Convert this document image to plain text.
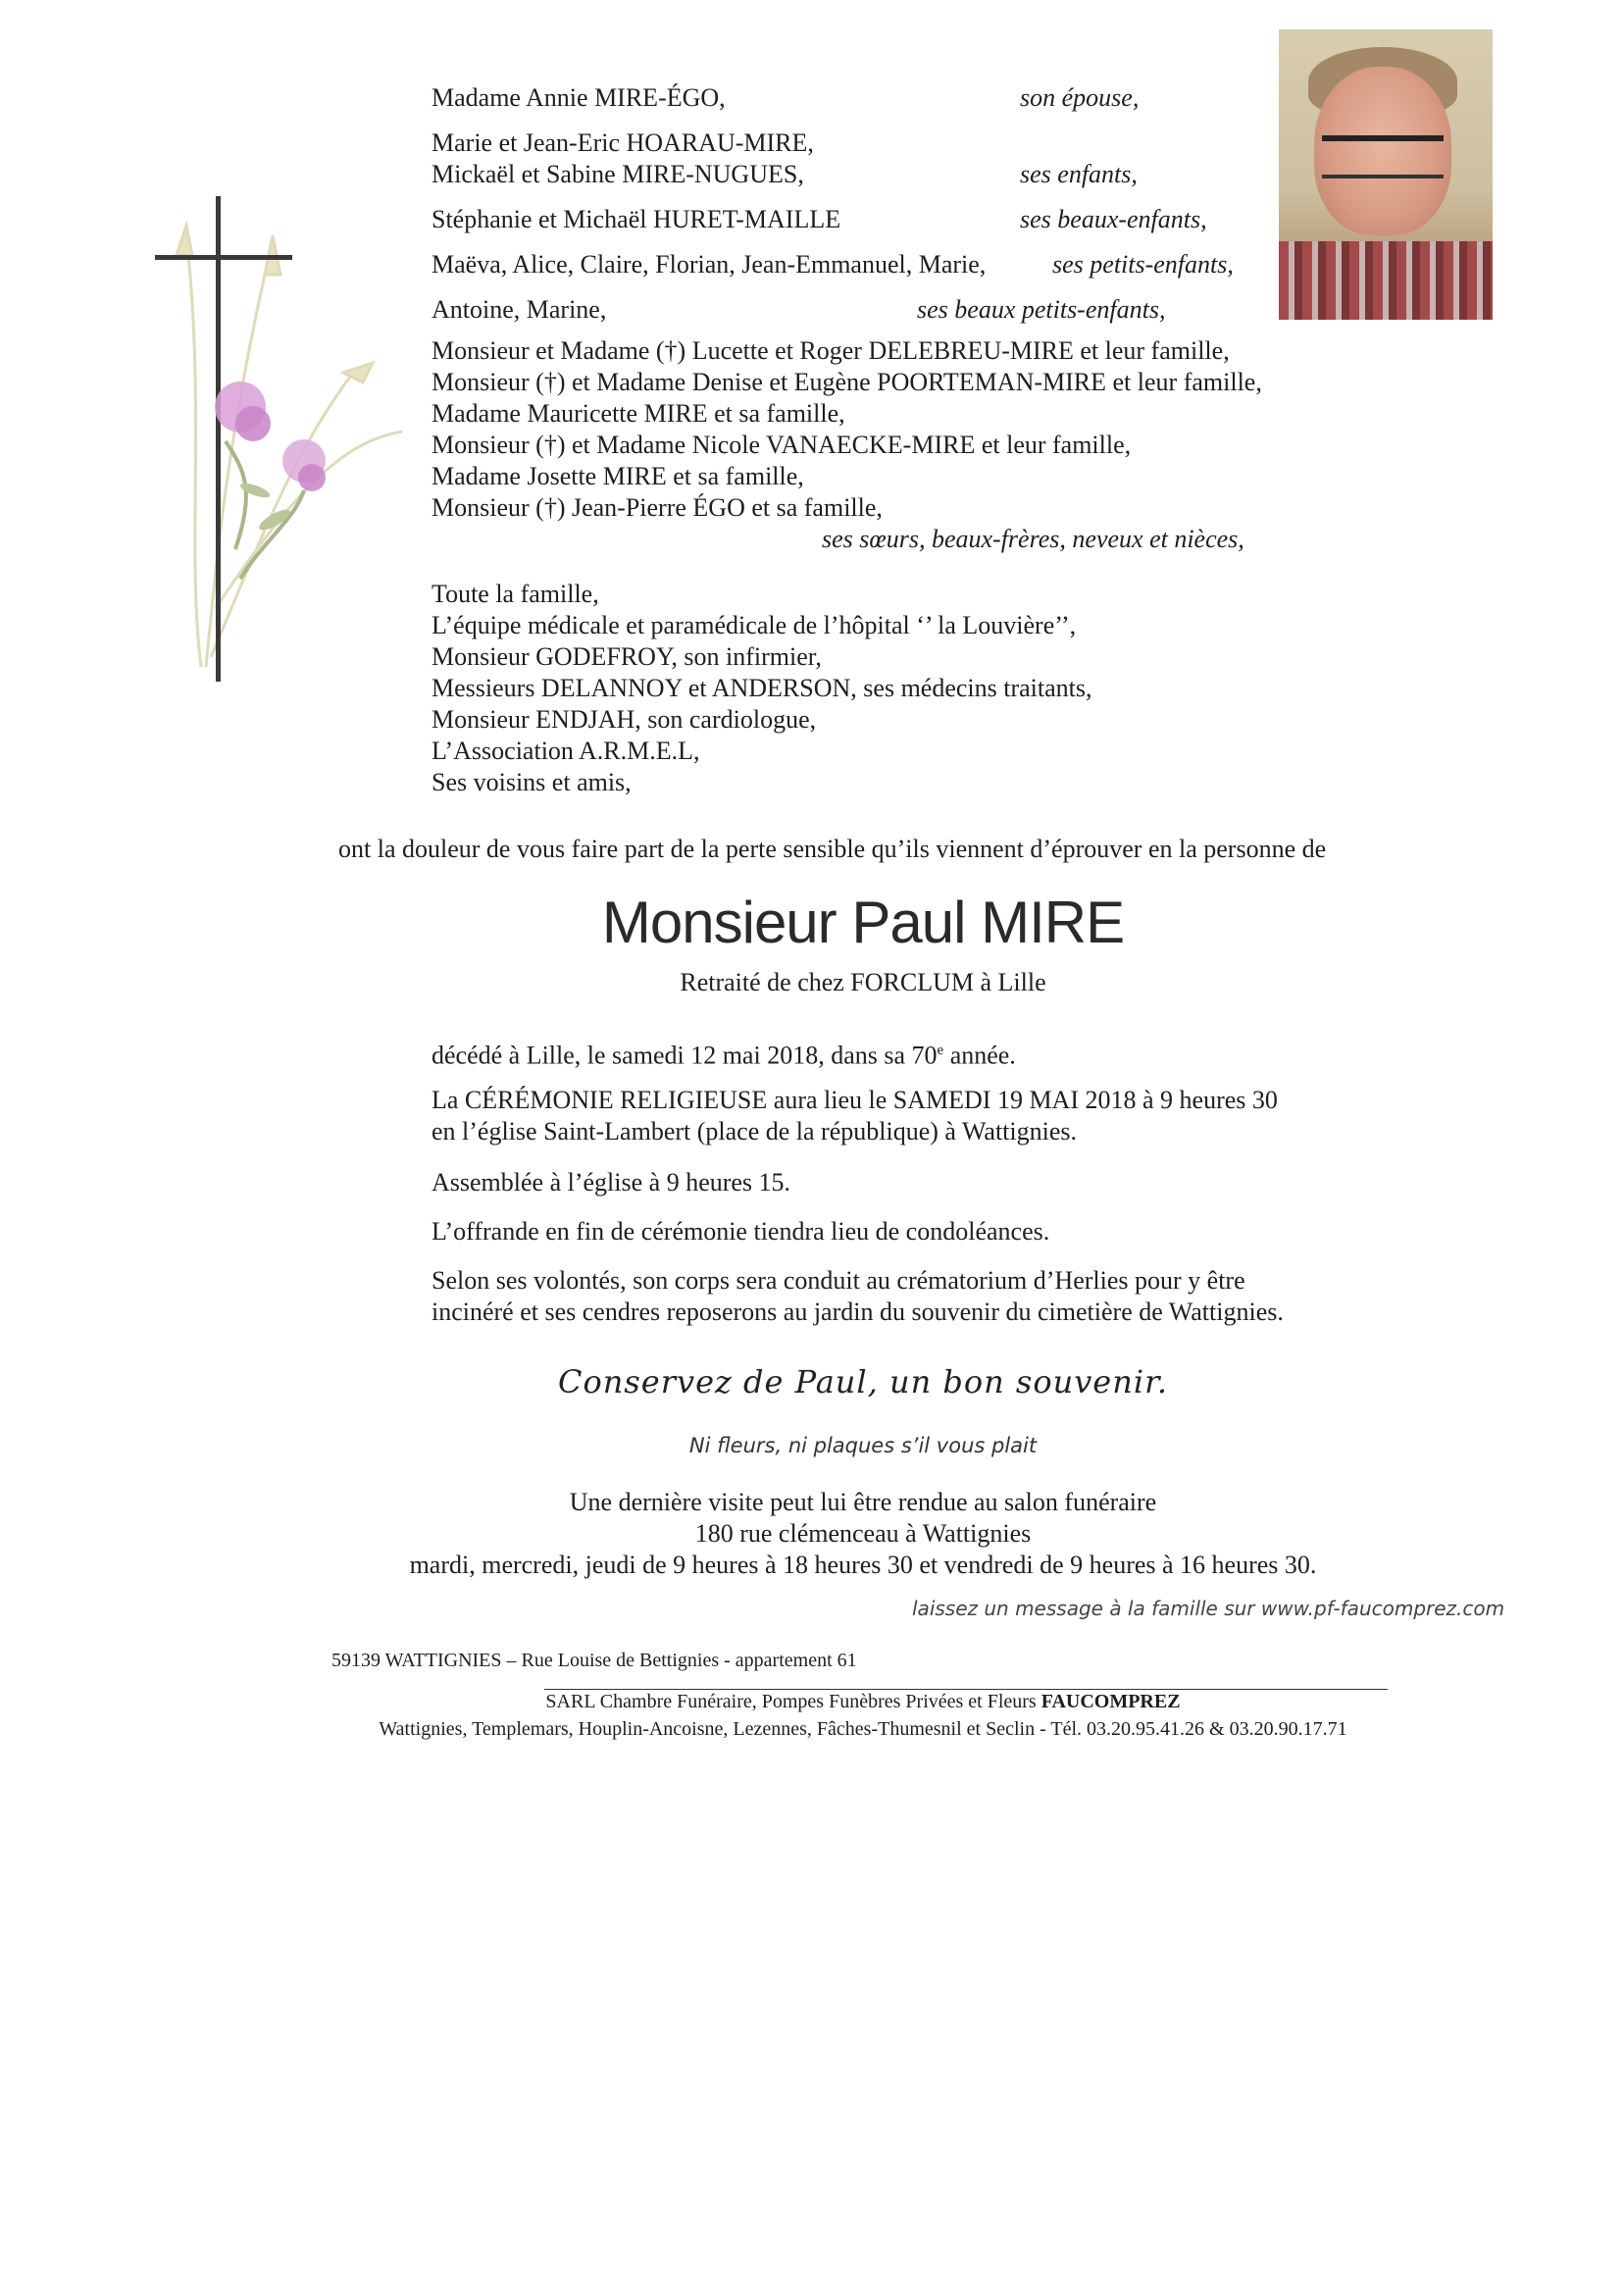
Madame Annie MIRE-ÉGO,	son épouse,
Marie et Jean-Eric HOARAU-MIRE,
Mickaël et Sabine MIRE-NUGUES,	ses enfants,
Stéphanie et Michaël HURET-MAILLE	ses beaux-enfants,
Maëva, Alice, Claire, Florian, Jean-Emmanuel, Marie,	ses petits-enfants,
Antoine, Marine,	ses beaux petits-enfants,
Monsieur et Madame (†) Lucette et Roger DELEBREU-MIRE et leur famille,
Monsieur (†) et Madame Denise et Eugène POORTEMAN-MIRE et leur famille,
Madame Mauricette MIRE et sa famille,
Monsieur (†) et Madame Nicole VANAECKE-MIRE et leur famille,
Madame Josette MIRE et sa famille,
Monsieur (†) Jean-Pierre ÉGO et sa famille,
ses sœurs, beaux-frères, neveux et nièces,
Toute la famille,
L’équipe médicale et paramédicale de l’hôpital ‘’ la Louvière’’,
Monsieur GODEFROY, son infirmier,
Messieurs DELANNOY et ANDERSON, ses médecins traitants,
Monsieur ENDJAH, son cardiologue,
L’Association A.R.M.E.L,
Ses voisins et amis,
ont la douleur de vous faire part de la perte sensible qu’ils viennent d’éprouver en la personne de
Monsieur Paul MIRE
Retraité de chez FORCLUM à Lille
décédé à Lille, le samedi 12 mai 2018, dans sa 70e année.
La CÉRÉMONIE RELIGIEUSE aura lieu le SAMEDI 19 MAI 2018 à 9 heures 30
en l’église Saint-Lambert (place de la république) à Wattignies.
Assemblée à l’église à 9 heures 15.
L’offrande en fin de cérémonie tiendra lieu de condoléances.
Selon ses volontés, son corps sera conduit au crématorium d’Herlies pour y être
incinéré et ses cendres reposerons au jardin du souvenir du cimetière de Wattignies.
Conservez de Paul, un bon souvenir.
Ni fleurs, ni plaques s’il vous plait
Une dernière visite peut lui être rendue au salon funéraire
180 rue clémenceau à Wattignies
mardi, mercredi, jeudi de 9 heures à 18 heures 30 et vendredi de 9 heures à 16 heures 30.
laissez un message à la famille sur www.pf-faucomprez.com
59139 WATTIGNIES – Rue Louise de Bettignies - appartement 61
SARL Chambre Funéraire, Pompes Funèbres Privées et Fleurs FAUCOMPREZ
Wattignies, Templemars, Houplin-Ancoisne, Lezennes, Fâches-Thumesnil et Seclin - Tél. 03.20.95.41.26 & 03.20.90.17.71
